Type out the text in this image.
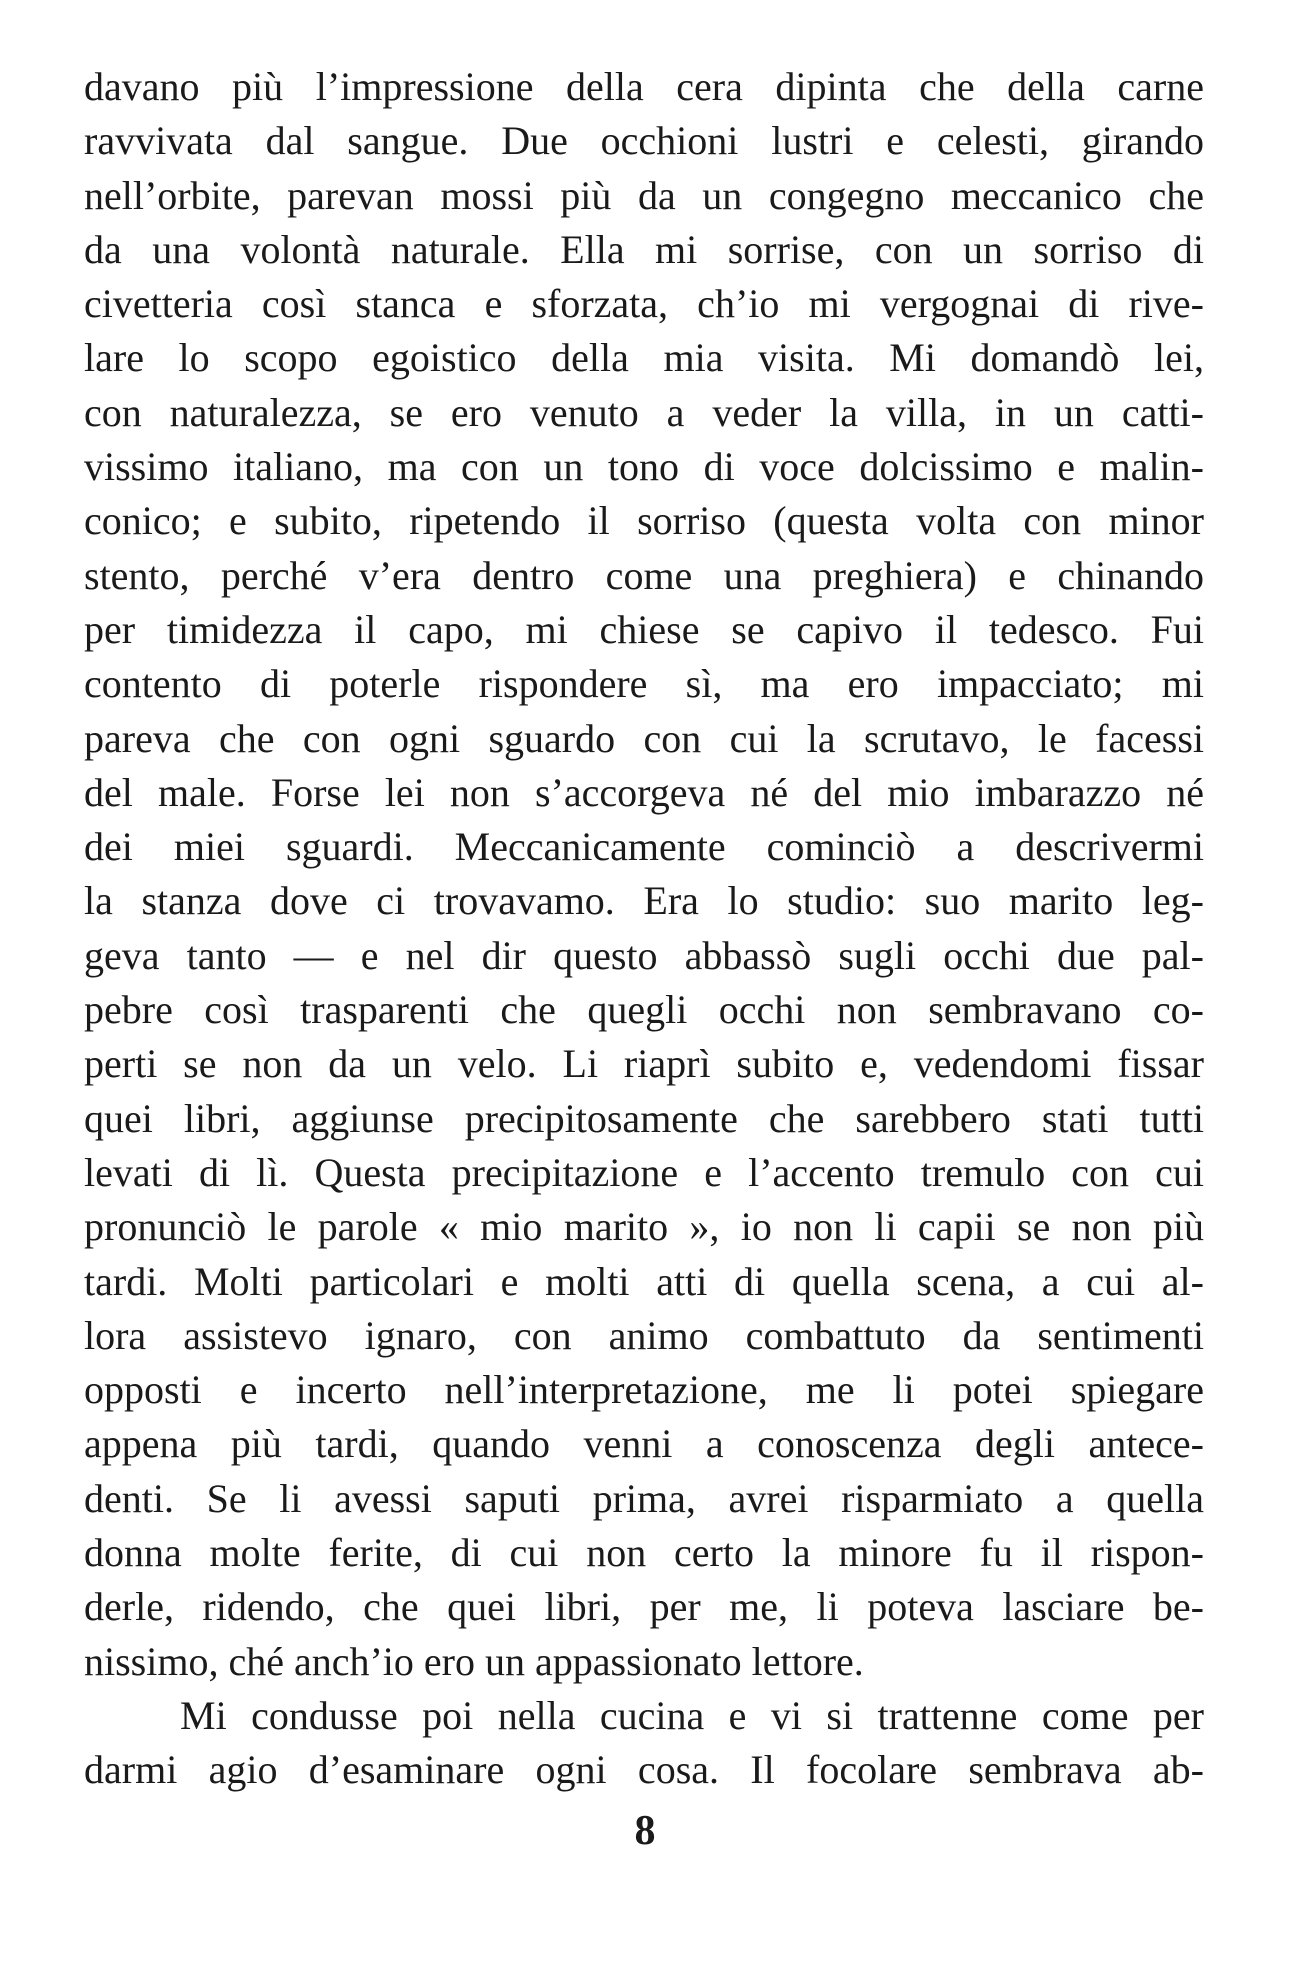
davano più l’impressione della cera dipinta che della carne
ravvivata dal sangue. Due occhioni lustri e celesti, girando
nell’orbite, parevan mossi più da un congegno meccanico che
da una volontà naturale. Ella mi sorrise, con un sorriso di
civetteria così stanca e sforzata, ch’io mi vergognai di rive-
lare lo scopo egoistico della mia visita. Mi domandò lei,
con naturalezza, se ero venuto a veder la villa, in un catti-
vissimo italiano, ma con un tono di voce dolcissimo e malin-
conico; e subito, ripetendo il sorriso (questa volta con minor
stento, perché v’era dentro come una preghiera) e chinando
per timidezza il capo, mi chiese se capivo il tedesco. Fui
contento di poterle rispondere sì, ma ero impacciato; mi
pareva che con ogni sguardo con cui la scrutavo, le facessi
del male. Forse lei non s’accorgeva né del mio imbarazzo né
dei miei sguardi. Meccanicamente cominciò a descrivermi
la stanza dove ci trovavamo. Era lo studio: suo marito leg-
geva tanto — e nel dir questo abbassò sugli occhi due pal-
pebre così trasparenti che quegli occhi non sembravano co-
perti se non da un velo. Li riaprì subito e, vedendomi fissar
quei libri, aggiunse precipitosamente che sarebbero stati tutti
levati di lì. Questa precipitazione e l’accento tremulo con cui
pronunciò le parole « mio marito », io non li capii se non più
tardi. Molti particolari e molti atti di quella scena, a cui al-
lora assistevo ignaro, con animo combattuto da sentimenti
opposti e incerto nell’interpretazione, me li potei spiegare
appena più tardi, quando venni a conoscenza degli antece-
denti. Se li avessi saputi prima, avrei risparmiato a quella
donna molte ferite, di cui non certo la minore fu il rispon-
derle, ridendo, che quei libri, per me, li poteva lasciare be-
nissimo, ché anch’io ero un appassionato lettore.
Mi condusse poi nella cucina e vi si trattenne come per
darmi agio d’esaminare ogni cosa. Il focolare sembrava ab-
8
